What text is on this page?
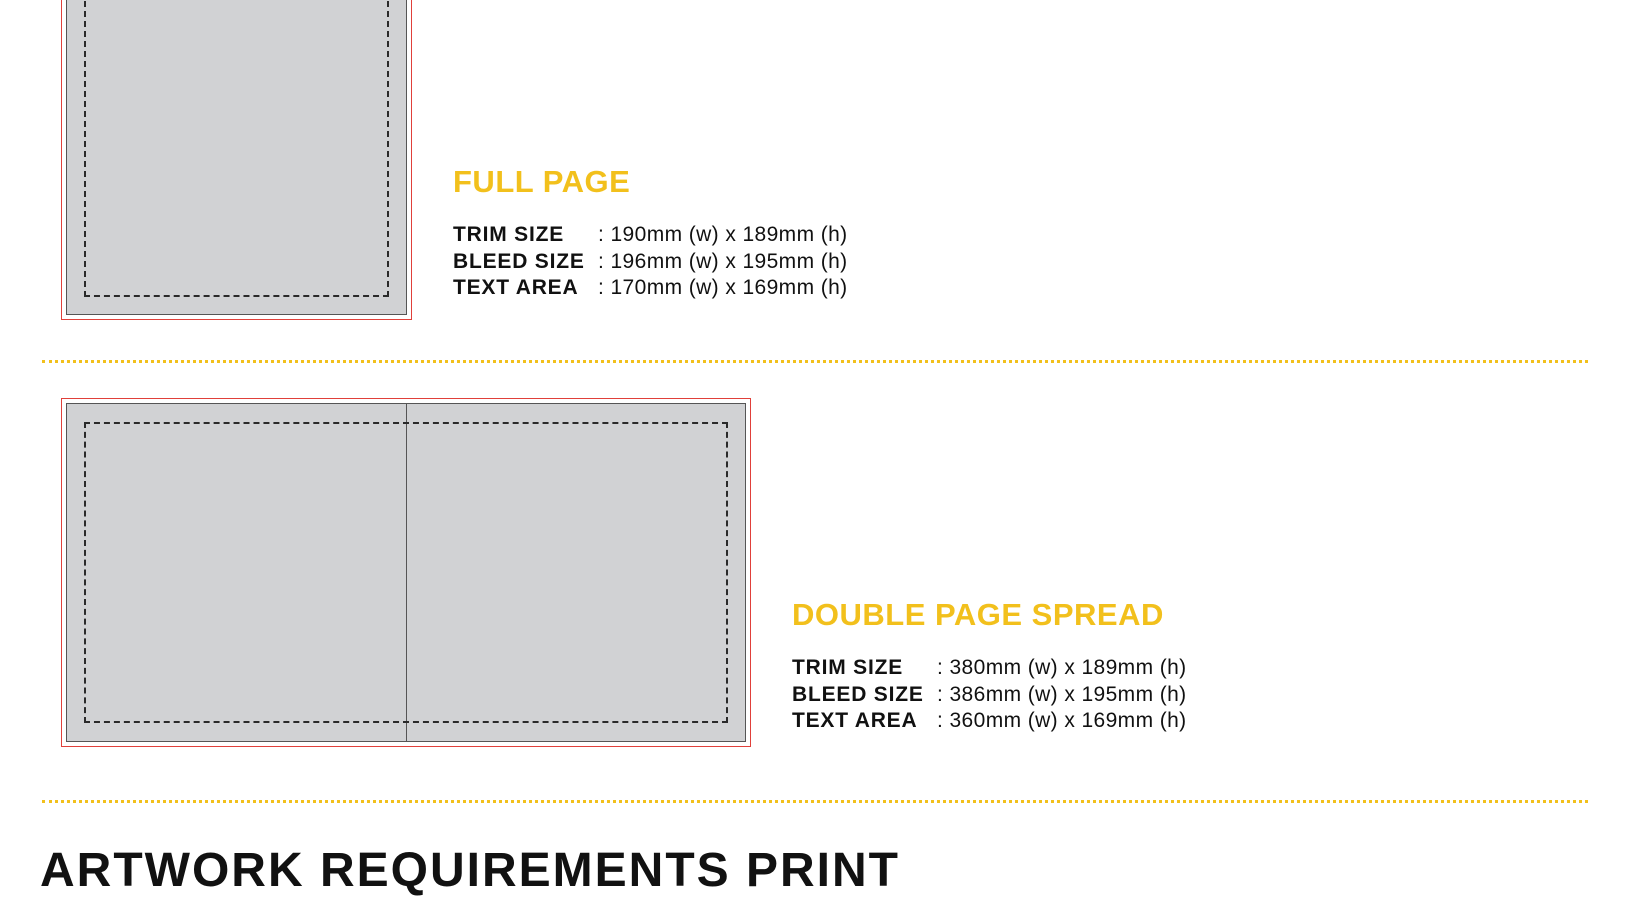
FULL PAGE
TRIM SIZE	: 190mm (w) x 189mm (h)
BLEED SIZE	: 196mm (w) x 195mm (h)
TEXT AREA	: 170mm (w) x 169mm (h)
DOUBLE PAGE SPREAD
TRIM SIZE	: 380mm (w) x 189mm (h)
BLEED SIZE	: 386mm (w) x 195mm (h)
TEXT AREA	: 360mm (w) x 169mm (h)
ARTWORK REQUIREMENTS PRINT
